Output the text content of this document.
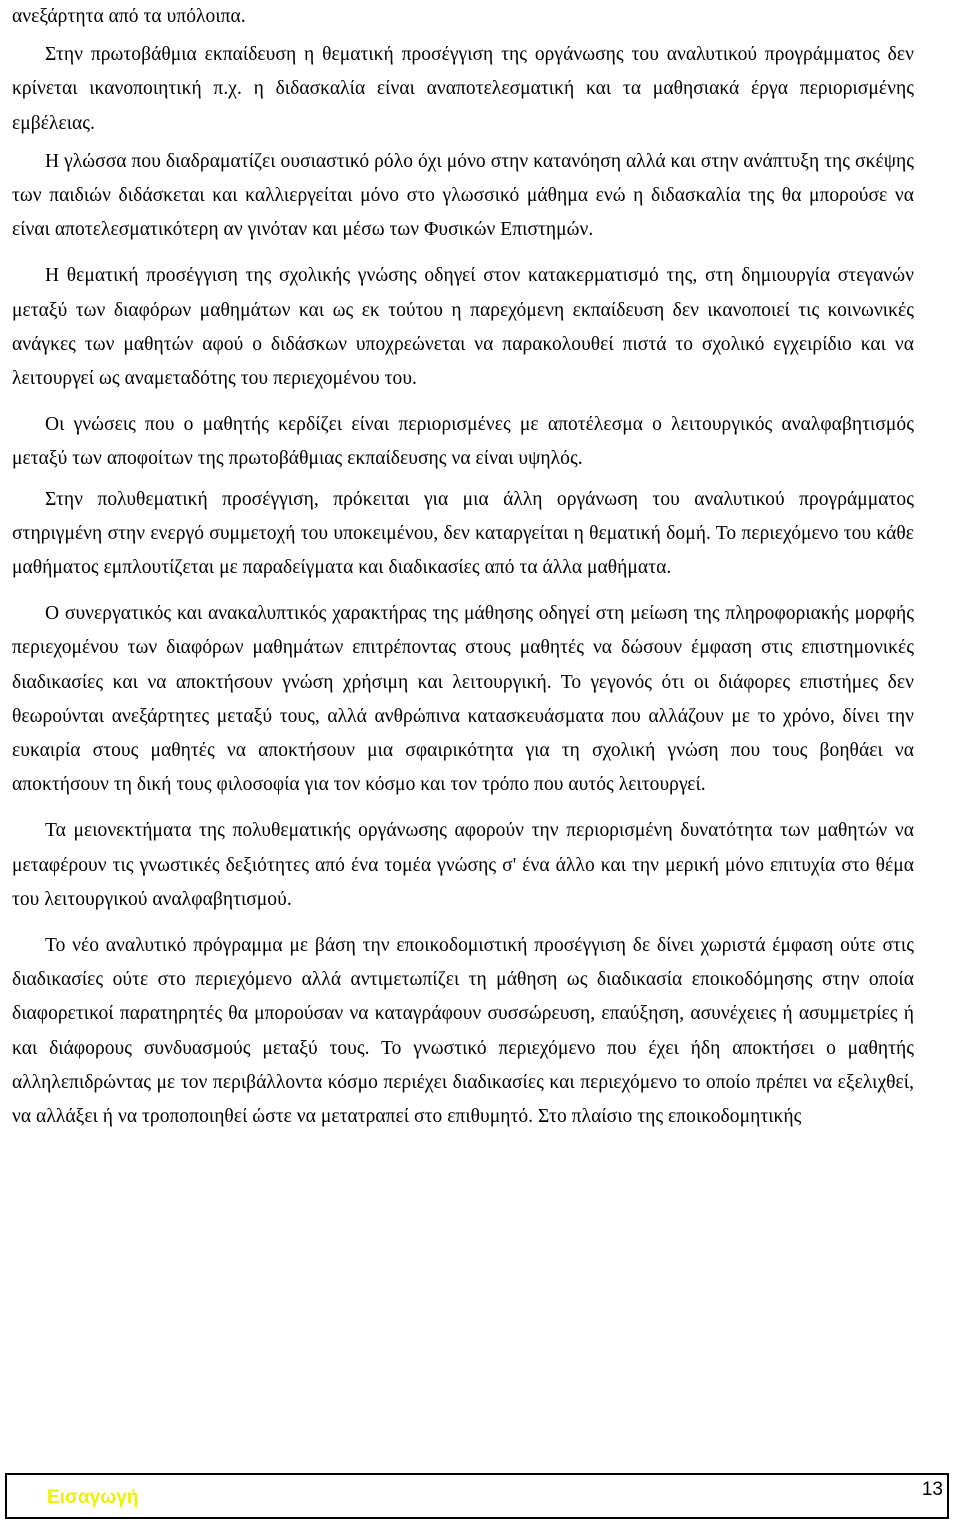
ανεξάρτητα από τα υπόλοιπα.

Στην πρωτοβάθμια εκπαίδευση η θεματική προσέγγιση της οργάνωσης του αναλυτικού προγράμματος δεν κρίνεται ικανοποιητική π.χ. η διδασκαλία είναι αναποτελεσματική και τα μαθησιακά έργα περιορισμένης εμβέλειας.

Η γλώσσα που διαδραματίζει ουσιαστικό ρόλο όχι μόνο στην κατανόηση αλλά και στην ανάπτυξη της σκέψης των παιδιών διδάσκεται και καλλιεργείται μόνο στο γλωσσικό μάθημα ενώ η διδασκαλία της θα μπορούσε να είναι αποτελεσματικότερη αν γινόταν και μέσω των Φυσικών Επιστημών.

Η θεματική προσέγγιση της σχολικής γνώσης οδηγεί στον κατακερματισμό της, στη δημιουργία στεγανών μεταξύ των διαφόρων μαθημάτων και ως εκ τούτου η παρεχόμενη εκπαίδευση δεν ικανοποιεί τις κοινωνικές ανάγκες των μαθητών αφού ο διδάσκων υποχρεώνεται να παρακολουθεί πιστά το σχολικό εγχειρίδιο και να λειτουργεί ως αναμεταδότης του περιεχομένου του.

Οι γνώσεις που ο μαθητής κερδίζει είναι περιορισμένες με αποτέλεσμα ο λειτουργικός αναλφαβητισμός μεταξύ των αποφοίτων της πρωτοβάθμιας εκπαίδευσης να είναι υψηλός.

Στην πολυθεματική προσέγγιση, πρόκειται για μια άλλη οργάνωση του αναλυτικού προγράμματος στηριγμένη στην ενεργό συμμετοχή του υποκειμένου, δεν καταργείται η θεματική δομή. Το περιεχόμενο του κάθε μαθήματος εμπλουτίζεται με παραδείγματα και διαδικασίες από τα άλλα μαθήματα.

Ο συνεργατικός και ανακαλυπτικός χαρακτήρας της μάθησης οδηγεί στη μείωση της πληροφοριακής μορφής περιεχομένου των διαφόρων μαθημάτων επιτρέποντας στους μαθητές να δώσουν έμφαση στις επιστημονικές διαδικασίες και να αποκτήσουν γνώση χρήσιμη και λειτουργική. Το γεγονός ότι οι διάφορες επιστήμες δεν θεωρούνται ανεξάρτητες μεταξύ τους, αλλά ανθρώπινα κατασκευάσματα που αλλάζουν με το χρόνο, δίνει την ευκαιρία στους μαθητές να αποκτήσουν μια σφαιρικότητα για τη σχολική γνώση που τους βοηθάει να αποκτήσουν τη δική τους φιλοσοφία για τον κόσμο και τον τρόπο που αυτός λειτουργεί.

Τα μειονεκτήματα της πολυθεματικής οργάνωσης αφορούν την περιορισμένη δυνατότητα των μαθητών να μεταφέρουν τις γνωστικές δεξιότητες από ένα τομέα γνώσης σ' ένα άλλο και την μερική μόνο επιτυχία στο θέμα του λειτουργικού αναλφαβητισμού.

Το νέο αναλυτικό πρόγραμμα με βάση την εποικοδομιστική προσέγγιση δε δίνει χωριστά έμφαση ούτε στις διαδικασίες ούτε στο περιεχόμενο αλλά αντιμετωπίζει τη μάθηση ως διαδικασία εποικοδόμησης στην οποία διαφορετικοί παρατηρητές θα μπορούσαν να καταγράφουν συσσώρευση, επαύξηση, ασυνέχειες ή ασυμμετρίες ή και διάφορους συνδυασμούς μεταξύ τους. Το γνωστικό περιεχόμενο που έχει ήδη αποκτήσει ο μαθητής αλληλεπιδρώντας με τον περιβάλλοντα κόσμο περιέχει διαδικασίες και περιεχόμενο το οποίο πρέπει να εξελιχθεί, να αλλάξει ή να τροποποιηθεί ώστε να μετατραπεί στο επιθυμητό. Στο πλαίσιο της εποικοδομητικής

Εισαγωγή	13
